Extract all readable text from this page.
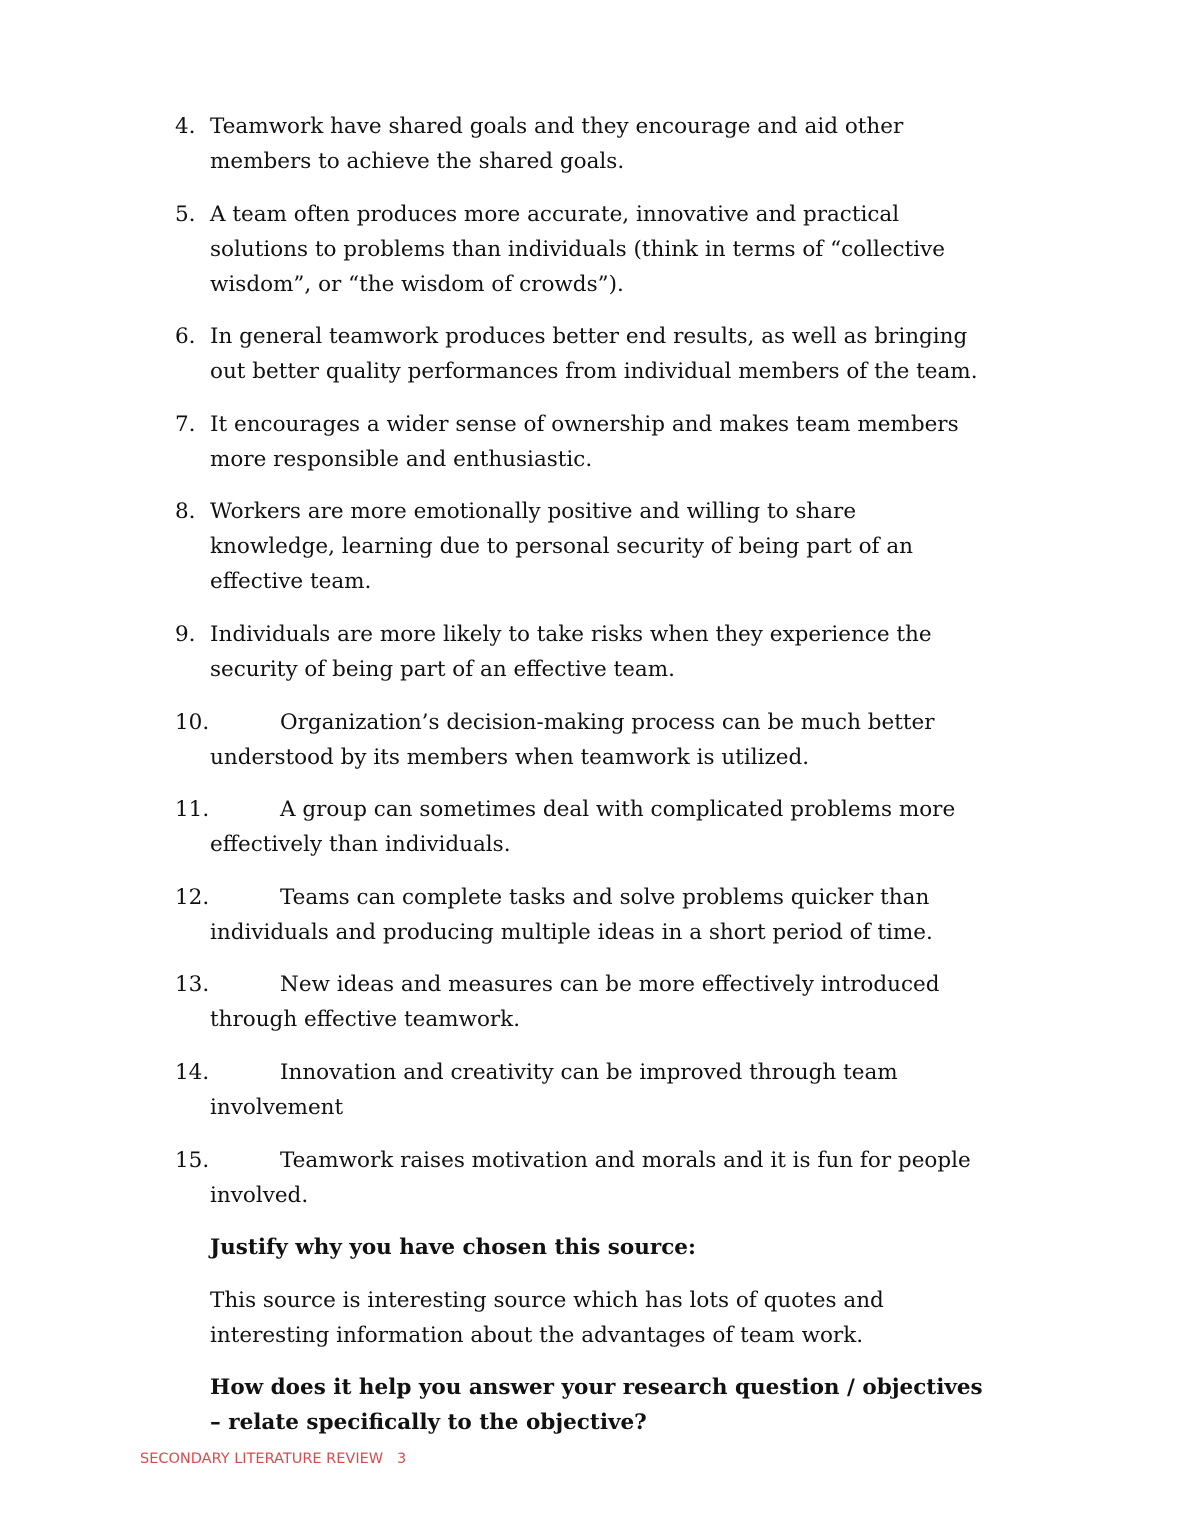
4. Teamwork have shared goals and they encourage and aid other
members to achieve the shared goals.
5. A team often produces more accurate, innovative and practical
solutions to problems than individuals (think in terms of “collective
wisdom”, or “the wisdom of crowds”).
6. In general teamwork produces better end results, as well as bringing
out better quality performances from individual members of the team.
7. It encourages a wider sense of ownership and makes team members
more responsible and enthusiastic.
8. Workers are more emotionally positive and willing to share
knowledge, learning due to personal security of being part of an
effective team.
9. Individuals are more likely to take risks when they experience the
security of being part of an effective team.
10.	Organization’s decision-making process can be much better
understood by its members when teamwork is utilized.
11.	A group can sometimes deal with complicated problems more
effectively than individuals.
12.	Teams can complete tasks and solve problems quicker than
individuals and producing multiple ideas in a short period of time.
13.	New ideas and measures can be more effectively introduced
through effective teamwork.
14.	Innovation and creativity can be improved through team
involvement
15.	Teamwork raises motivation and morals and it is fun for people
involved.
Justify why you have chosen this source:
This source is interesting source which has lots of quotes and
interesting information about the advantages of team work.
How does it help you answer your research question / objectives
– relate specifically to the objective?
SECONDARY LITERATURE REVIEW 3
